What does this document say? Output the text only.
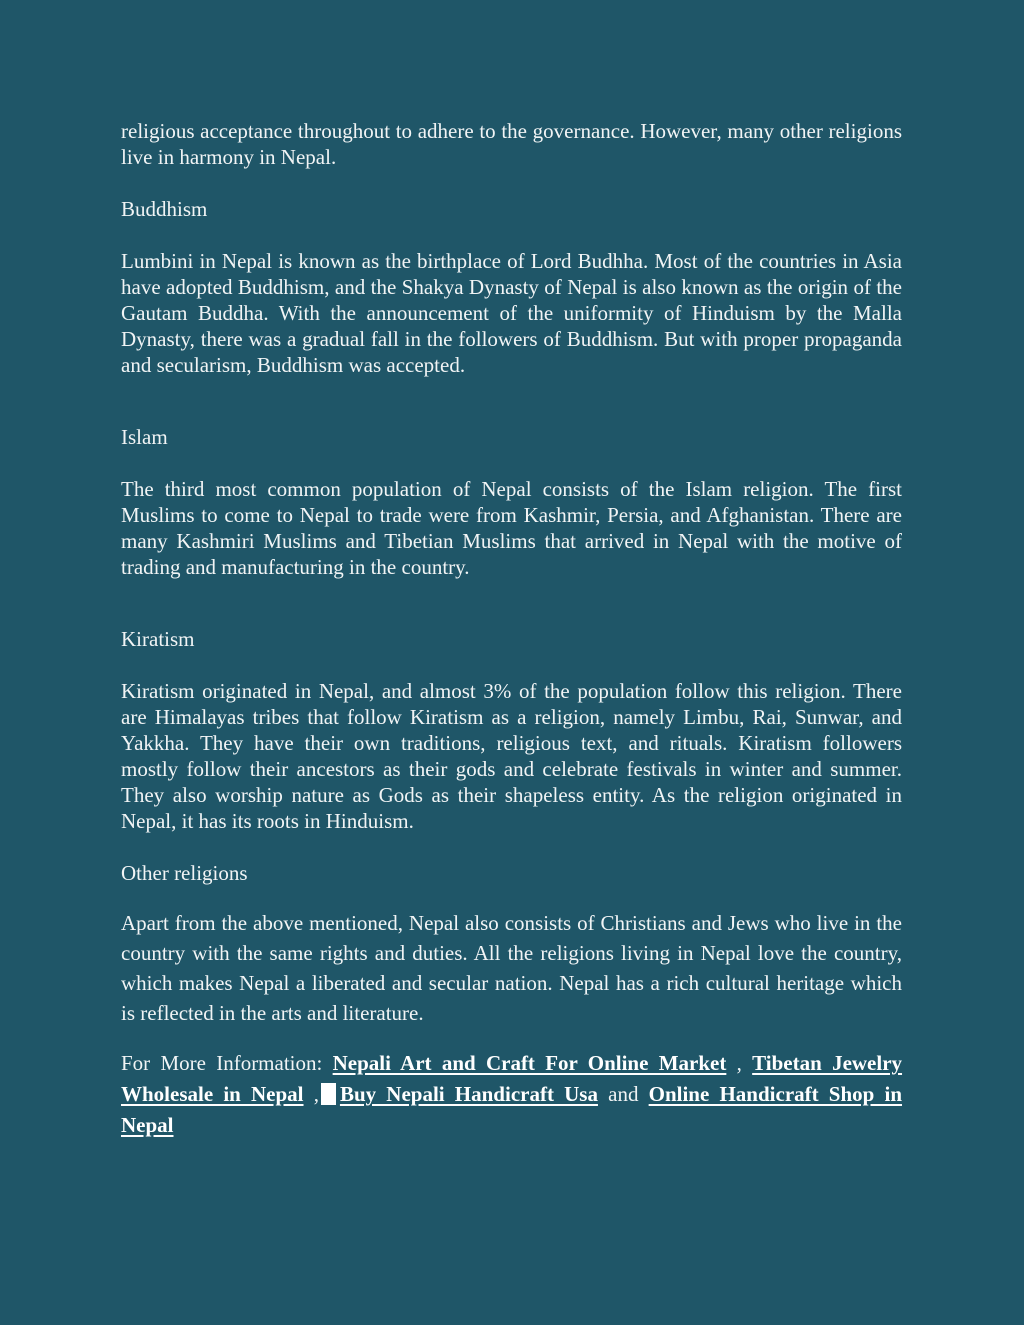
religious acceptance throughout to adhere to the governance. However, many other religions live in harmony in Nepal.

Buddhism

Lumbini in Nepal is known as the birthplace of Lord Budhha. Most of the countries in Asia have adopted Buddhism, and the Shakya Dynasty of Nepal is also known as the origin of the Gautam Buddha. With the announcement of the uniformity of Hinduism by the Malla Dynasty, there was a gradual fall in the followers of Buddhism. But with proper propaganda and secularism, Buddhism was accepted.

Islam

The third most common population of Nepal consists of the Islam religion. The first Muslims to come to Nepal to trade were from Kashmir, Persia, and Afghanistan. There are many Kashmiri Muslims and Tibetian Muslims that arrived in Nepal with the motive of trading and manufacturing in the country.

Kiratism

Kiratism originated in Nepal, and almost 3% of the population follow this religion. There are Himalayas tribes that follow Kiratism as a religion, namely Limbu, Rai, Sunwar, and Yakkha. They have their own traditions, religious text, and rituals. Kiratism followers mostly follow their ancestors as their gods and celebrate festivals in winter and summer. They also worship nature as Gods as their shapeless entity. As the religion originated in Nepal, it has its roots in Hinduism.

Other religions

Apart from the above mentioned, Nepal also consists of Christians and Jews who live in the country with the same rights and duties. All the religions living in Nepal love the country, which makes Nepal a liberated and secular nation. Nepal has a rich cultural heritage which is reflected in the arts and literature.

For More Information: Nepali Art and Craft For Online Market , Tibetan Jewelry Wholesale in Nepal , Buy Nepali Handicraft Usa and Online Handicraft Shop in Nepal
